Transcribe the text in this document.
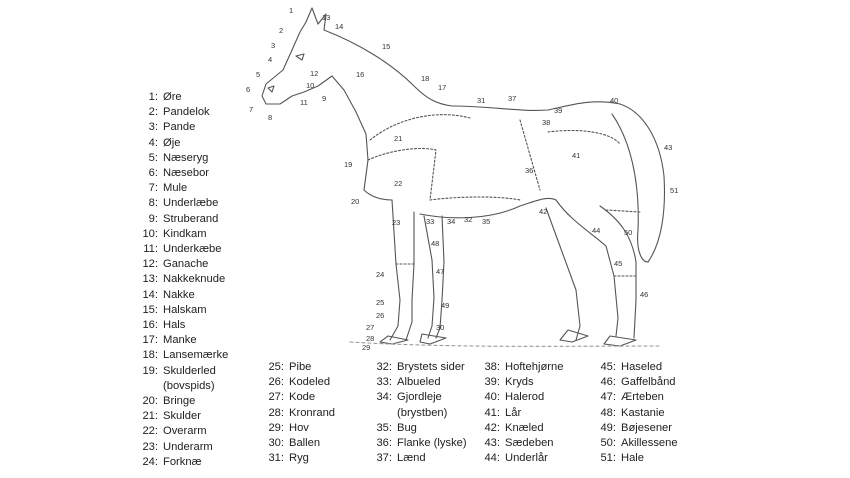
1
2
3
4
5
6
7
8
9
10
11
12
13
14
15
16
17
18
19
20
21
22
23
24
25
26
27
28
29
30
31
32
33 34	35
36
37
38
39
40
41
42
43
44
45
46
47
48
49
50
51
1: Øre
2: Pandelok
3: Pande
4: Øje
5: Næseryg
6: Næsebor
7: Mule
8: Underlæbe
9: Struberand
10: Kindkam
11: Underkæbe
12: Ganache
13: Nakkeknude
14: Nakke
15: Halskam
16: Hals
17: Manke
18: Lansemærke
19: Skulderled
(bovspids)
20: Bringe
21: Skulder
22: Overarm
23: Underarm
24: Forknæ
25: Pibe
26: Kodeled
27: Kode
28: Kronrand
29: Hov
30: Ballen
31: Ryg
32: Brystets sider
33: Albueled
34: Gjordleje
(brystben)
35: Bug
36: Flanke (lyske)
37: Lænd
38: Hoftehjørne
39: Kryds
40: Halerod
41: Lår
42: Knæled
43: Sædeben
44: Underlår
45: Haseled
46: Gaffelbånd
47: Ærteben
48: Kastanie
49: Bøjesener
50: Akillessene
51: Hale
